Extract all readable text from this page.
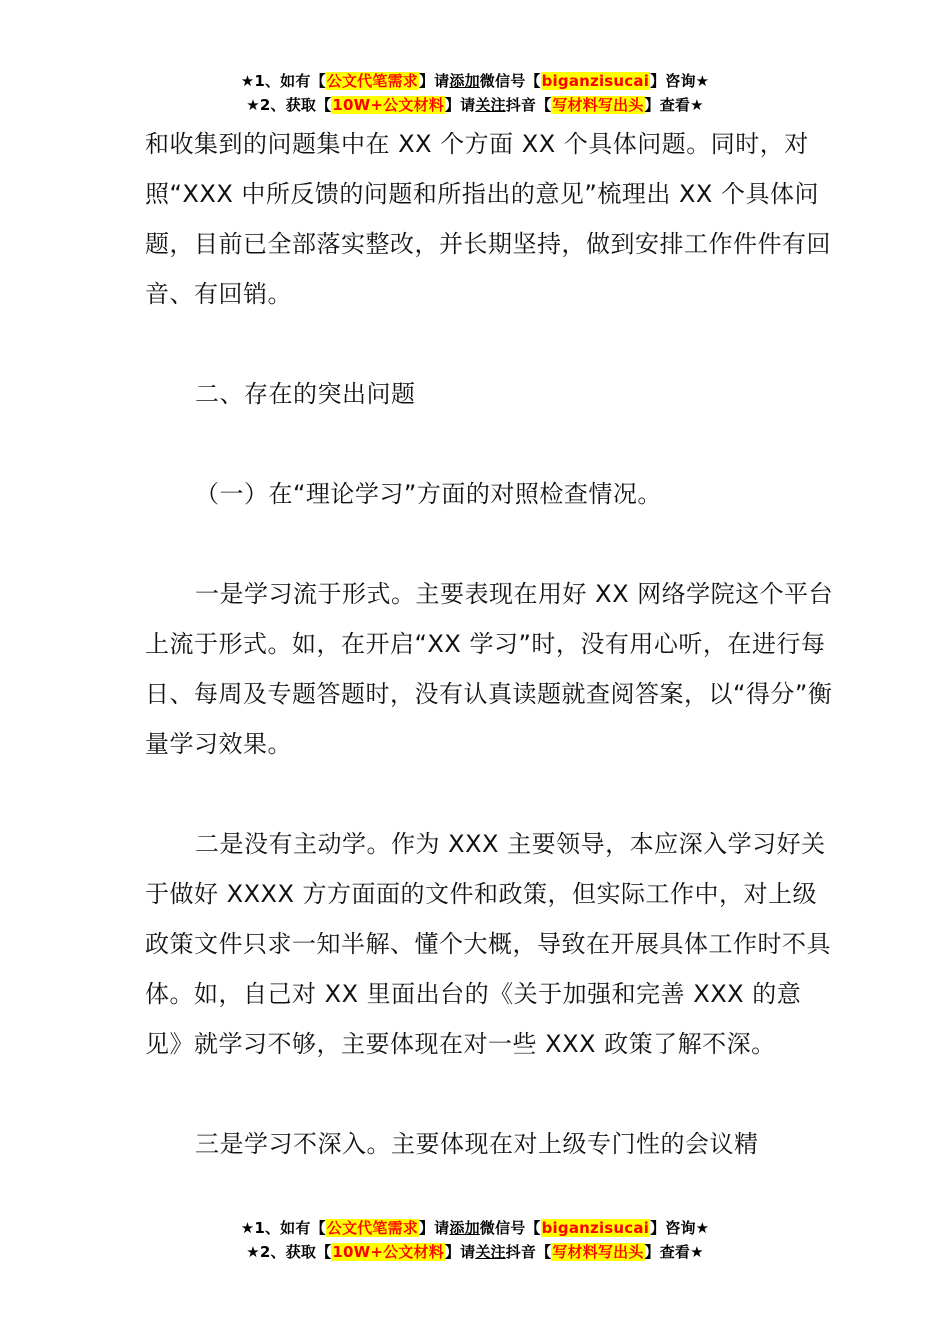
★1、如有【公文代笔需求】请添加微信号【biganzisucai】咨询★
★2、获取【10W+公文材料】请关注抖音【写材料写出头】查看★

和收集到的问题集中在 XX 个方面 XX 个具体问题。同时，对照“XXX 中所反馈的问题和所指出的意见”梳理出 XX 个具体问题，目前已全部落实整改，并长期坚持，做到安排工作件件有回音、有回销。

二、存在的突出问题

（一）在“理论学习”方面的对照检查情况。

一是学习流于形式。主要表现在用好 XX 网络学院这个平台上流于形式。如，在开启“XX 学习”时，没有用心听，在进行每日、每周及专题答题时，没有认真读题就查阅答案，以“得分”衡量学习效果。

二是没有主动学。作为 XXX 主要领导，本应深入学习好关于做好 XXXX 方方面面的文件和政策，但实际工作中，对上级政策文件只求一知半解、懂个大概，导致在开展具体工作时不具体。如，自己对 XX 里面出台的《关于加强和完善 XXX 的意见》就学习不够，主要体现在对一些 XXX 政策了解不深。

三是学习不深入。主要体现在对上级专门性的会议精

★1、如有【公文代笔需求】请添加微信号【biganzisucai】咨询★
★2、获取【10W+公文材料】请关注抖音【写材料写出头】查看★
